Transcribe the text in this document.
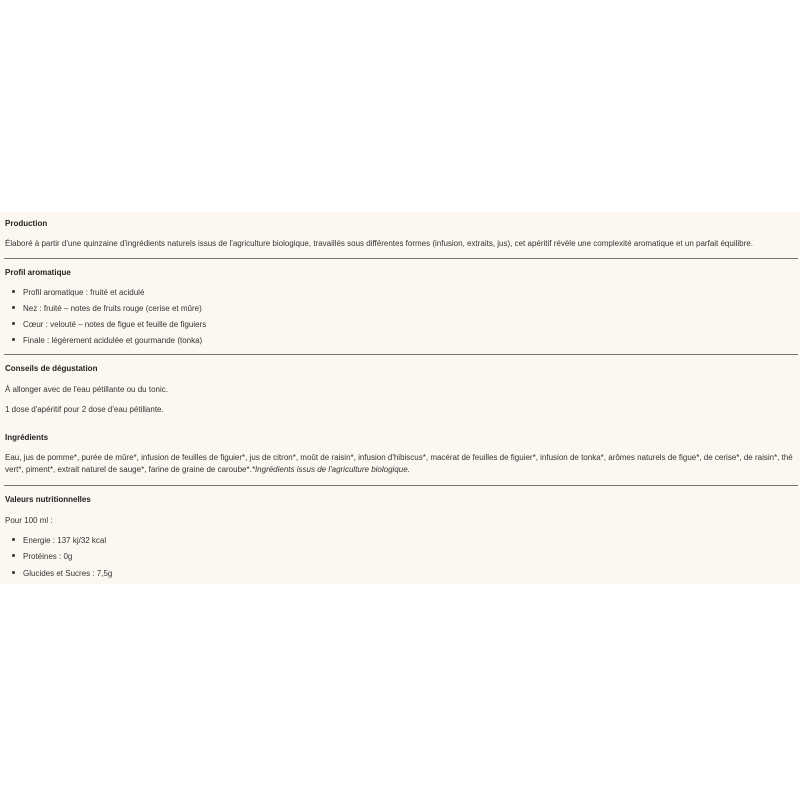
Production
Élaboré à partir d'une quinzaine d'ingrédients naturels issus de l'agriculture biologique, travaillés sous différentes formes (infusion, extraits, jus), cet apéritif révèle une complexité aromatique et un parfait équilibre.
Profil aromatique
Profil aromatique : fruité et acidulé
Nez : fruité – notes de fruits rouge (cerise et mûre)
Cœur : velouté – notes de figue et feuille de figuiers
Finale : légèrement acidulée et gourmande (tonka)
Conseils de dégustation
À allonger avec de l'eau pétillante ou du tonic.
1 dose d'apéritif pour 2 dose d'eau pétillante.
Ingrédients
Eau, jus de pomme*, purée de mûre*, infusion de feuilles de figuier*, jus de citron*, moût de raisin*, infusion d'hibiscus*, macérat de feuilles de figuier*, infusion de tonka*, arômes naturels de figue*, de cerise*, de raisin*, thé vert*, piment*, extrait naturel de sauge*, farine de graine de caroube*.*Ingrédients issus de l'agriculture biologique.
Valeurs nutritionnelles
Pour 100 ml :
Energie : 137 kj/32 kcal
Protéines : 0g
Glucides et Sucres : 7,5g
